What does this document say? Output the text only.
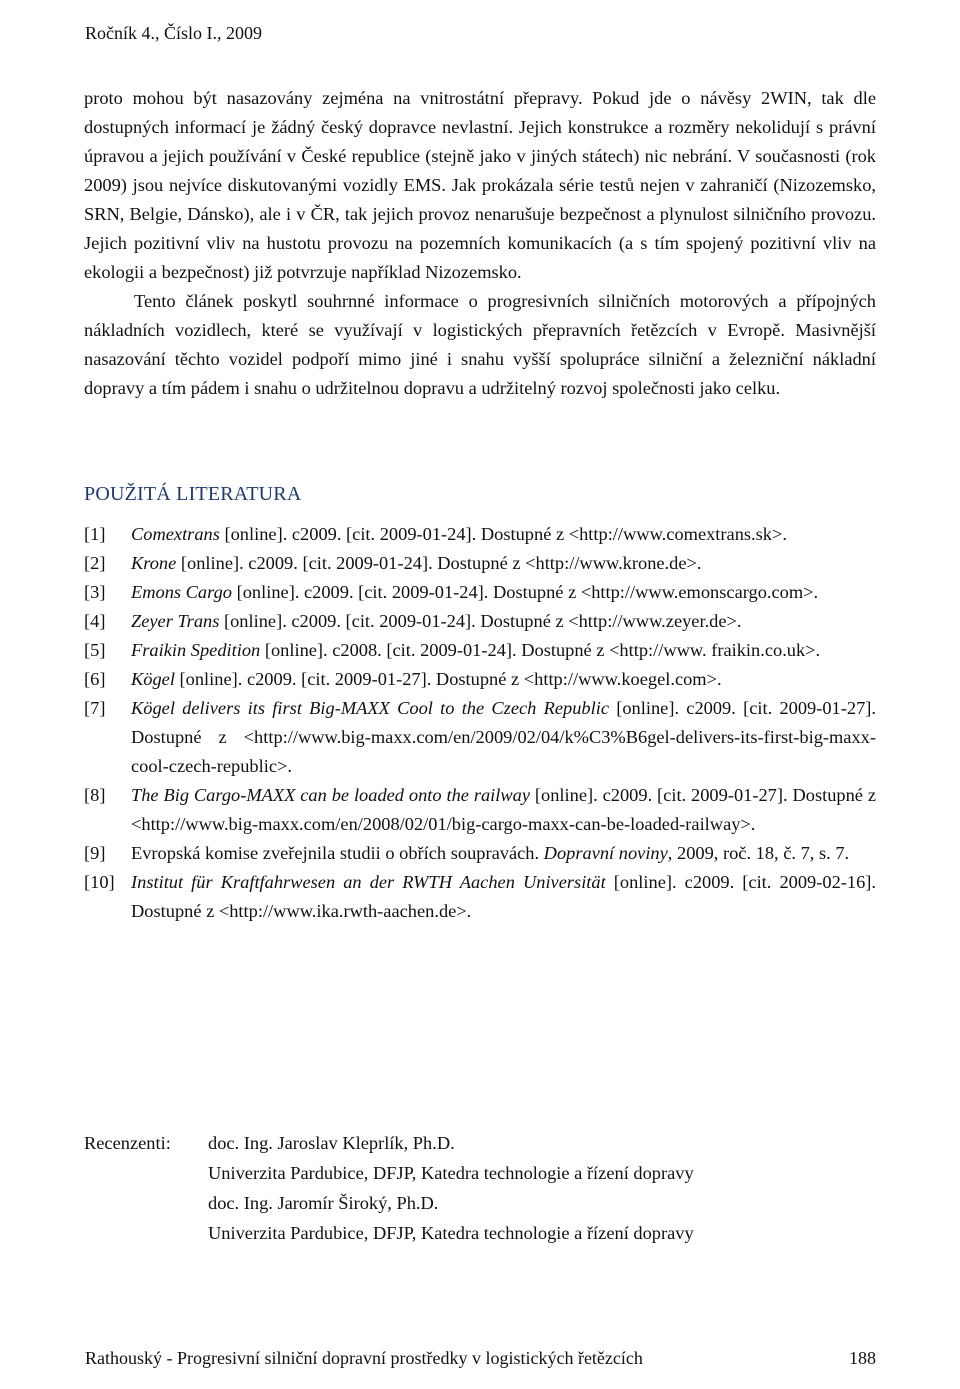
Ročník 4., Číslo I., 2009

proto mohou být nasazovány zejména na vnitrostátní přepravy. Pokud jde o návěsy 2WIN, tak dle dostupných informací je žádný český dopravce nevlastní. Jejich konstrukce a rozměry nekolidují s právní úpravou a jejich používání v České republice (stejně jako v jiných státech) nic nebrání. V současnosti (rok 2009) jsou nejvíce diskutovanými vozidly EMS. Jak prokázala série testů nejen v zahraničí (Nizozemsko, SRN, Belgie, Dánsko), ale i v ČR, tak jejich provoz nenarušuje bezpečnost a plynulost silničního provozu. Jejich pozitivní vliv na hustotu provozu na pozemních komunikacích (a s tím spojený pozitivní vliv na ekologii a bezpečnost) již potvrzuje například Nizozemsko.

Tento článek poskytl souhrnné informace o progresivních silničních motorových a přípojných nákladních vozidlech, které se využívají v logistických přepravních řetězcích v Evropě. Masivnější nasazování těchto vozidel podpoří mimo jiné i snahu vyšší spolupráce silniční a železniční nákladní dopravy a tím pádem i snahu o udržitelnou dopravu a udržitelný rozvoj společnosti jako celku.

POUŽITÁ LITERATURA
[1] Comextrans [online]. c2009. [cit. 2009-01-24]. Dostupné z <http://www.comextrans.sk>.
[2] Krone [online]. c2009. [cit. 2009-01-24]. Dostupné z <http://www.krone.de>.
[3] Emons Cargo [online]. c2009. [cit. 2009-01-24]. Dostupné z <http://www.emonscargo.com>.
[4] Zeyer Trans [online]. c2009. [cit. 2009-01-24]. Dostupné z <http://www.zeyer.de>.
[5] Fraikin Spedition [online]. c2008. [cit. 2009-01-24]. Dostupné z <http://www. fraikin.co.uk>.
[6] Kögel [online]. c2009. [cit. 2009-01-27]. Dostupné z <http://www.koegel.com>.
[7] Kögel delivers its first Big-MAXX Cool to the Czech Republic [online]. c2009. [cit. 2009-01-27]. Dostupné z <http://www.big-maxx.com/en/2009/02/04/k%C3%B6gel-delivers-its-first-big-maxx-cool-czech-republic>.
[8] The Big Cargo-MAXX can be loaded onto the railway [online]. c2009. [cit. 2009-01-27]. Dostupné z <http://www.big-maxx.com/en/2008/02/01/big-cargo-maxx-can-be-loaded-railway>.
[9] Evropská komise zveřejnila studii o obřích soupravách. Dopravní noviny, 2009, roč. 18, č. 7, s. 7.
[10] Institut für Kraftfahrwesen an der RWTH Aachen Universität [online]. c2009. [cit. 2009-02-16]. Dostupné z <http://www.ika.rwth-aachen.de>.
Recenzenti: doc. Ing. Jaroslav Kleprlík, Ph.D.
Univerzita Pardubice, DFJP, Katedra technologie a řízení dopravy
doc. Ing. Jaromír Široký, Ph.D.
Univerzita Pardubice, DFJP, Katedra technologie a řízení dopravy
Rathouský - Progresivní silniční dopravní prostředky v logistických řetězcích	188
